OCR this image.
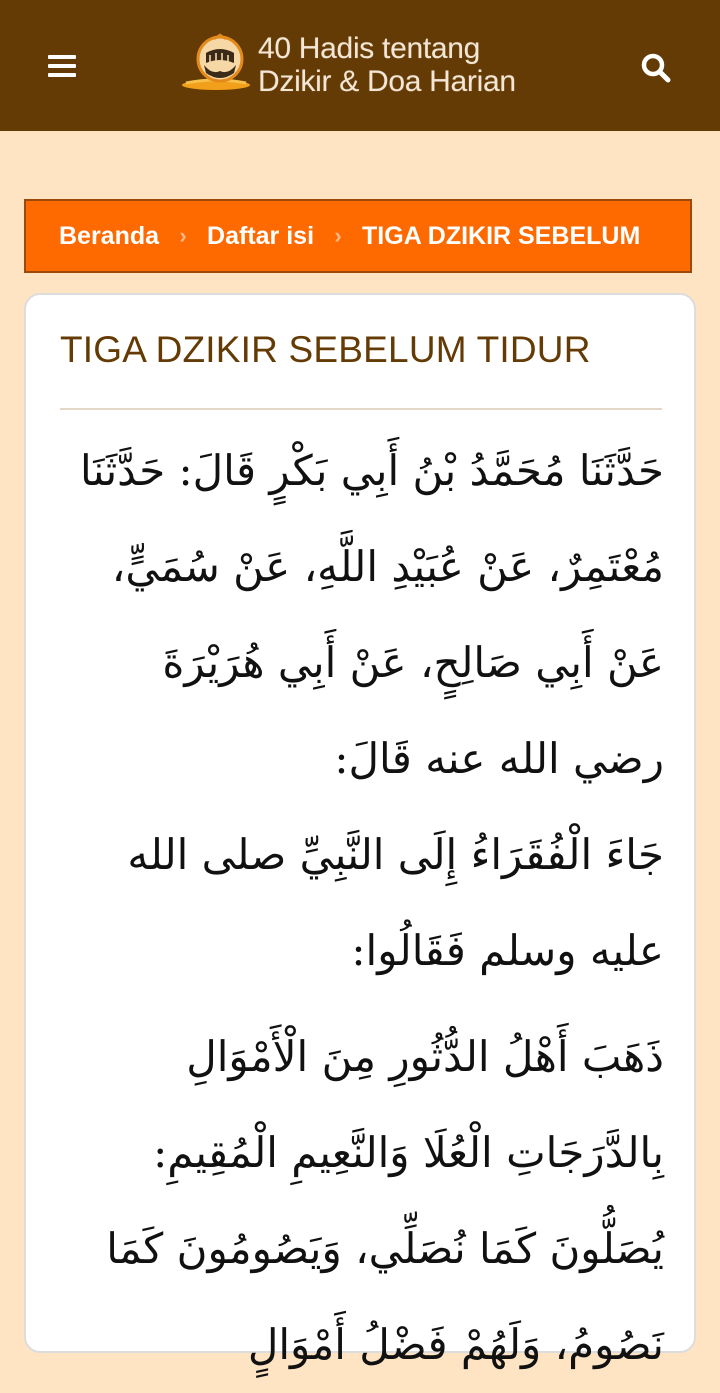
40 Hadis tentang
Dzikir & Doa Harian
Beranda › Daftar isi › TIGA DZIKIR SEBELUM
TIGA DZIKIR SEBELUM TIDUR

حَدَّثَنَا مُحَمَّدُ بْنُ أَبِي بَكْرٍ قَالَ: حَدَّثَنَا مُعْتَمِرٌ، عَنْ عُبَيْدِ اللَّهِ، عَنْ سُمَيٍّ، عَنْ أَبِي صَالِحٍ، عَنْ أَبِي هُرَيْرَةَ رضي الله عنه قَالَ:

جَاءَ الْفُقَرَاءُ إِلَى النَّبِيِّ صلى الله عليه وسلم فَقَالُوا:

ذَهَبَ أَهْلُ الدُّثُورِ مِنَ الْأَمْوَالِ بِالدَّرَجَاتِ الْعُلَا وَالنَّعِيمِ الْمُقِيمِ: يُصَلُّونَ كَمَا نُصَلِّي، وَيَصُومُونَ كَمَا نَصُومُ، وَلَهُمْ فَضْلُ أَمْوَالٍ
